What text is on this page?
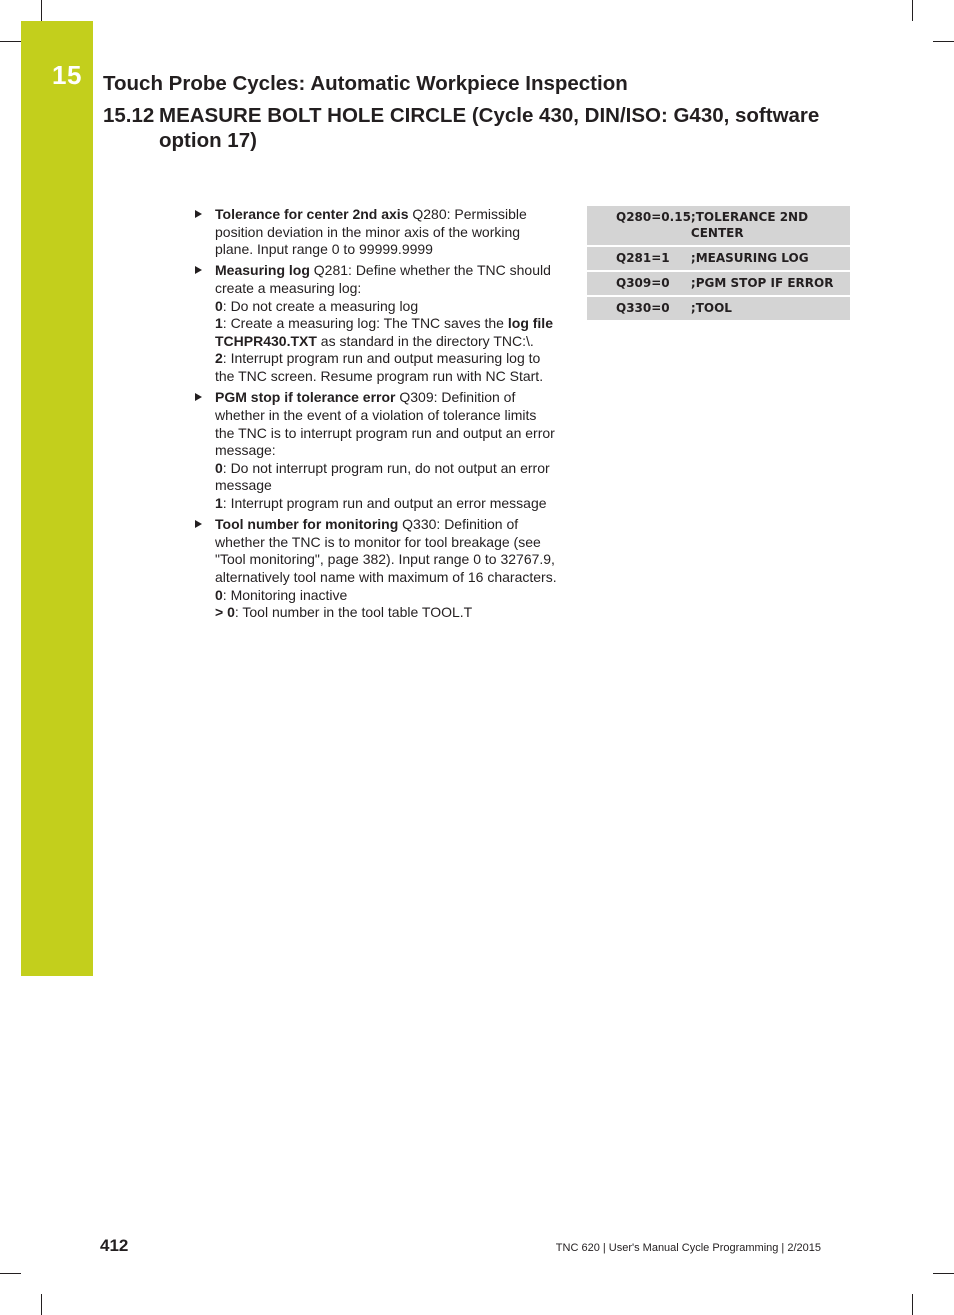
15 Touch Probe Cycles: Automatic Workpiece Inspection
15.12 MEASURE BOLT HOLE CIRCLE (Cycle 430, DIN/ISO: G430, software
option 17)
Tolerance for center 2nd axis Q280: Permissible position deviation in the minor axis of the working plane. Input range 0 to 99999.9999
Measuring log Q281: Define whether the TNC should create a measuring log:
0: Do not create a measuring log
1: Create a measuring log: The TNC saves the log file TCHPR430.TXT as standard in the directory TNC:\.
2: Interrupt program run and output measuring log to the TNC screen. Resume program run with NC Start.
PGM stop if tolerance error Q309: Definition of whether in the event of a violation of tolerance limits the TNC is to interrupt program run and output an error message:
0: Do not interrupt program run, do not output an error message
1: Interrupt program run and output an error message
Tool number for monitoring Q330: Definition of whether the TNC is to monitor for tool breakage (see "Tool monitoring", page 382). Input range 0 to 32767.9, alternatively tool name with maximum of 16 characters.
0: Monitoring inactive
> 0: Tool number in the tool table TOOL.T
Q280=0.15	;TOLERANCE 2ND CENTER
Q281=1	;MEASURING LOG
Q309=0	;PGM STOP IF ERROR
Q330=0	;TOOL
412	TNC 620 | User's Manual Cycle Programming | 2/2015
